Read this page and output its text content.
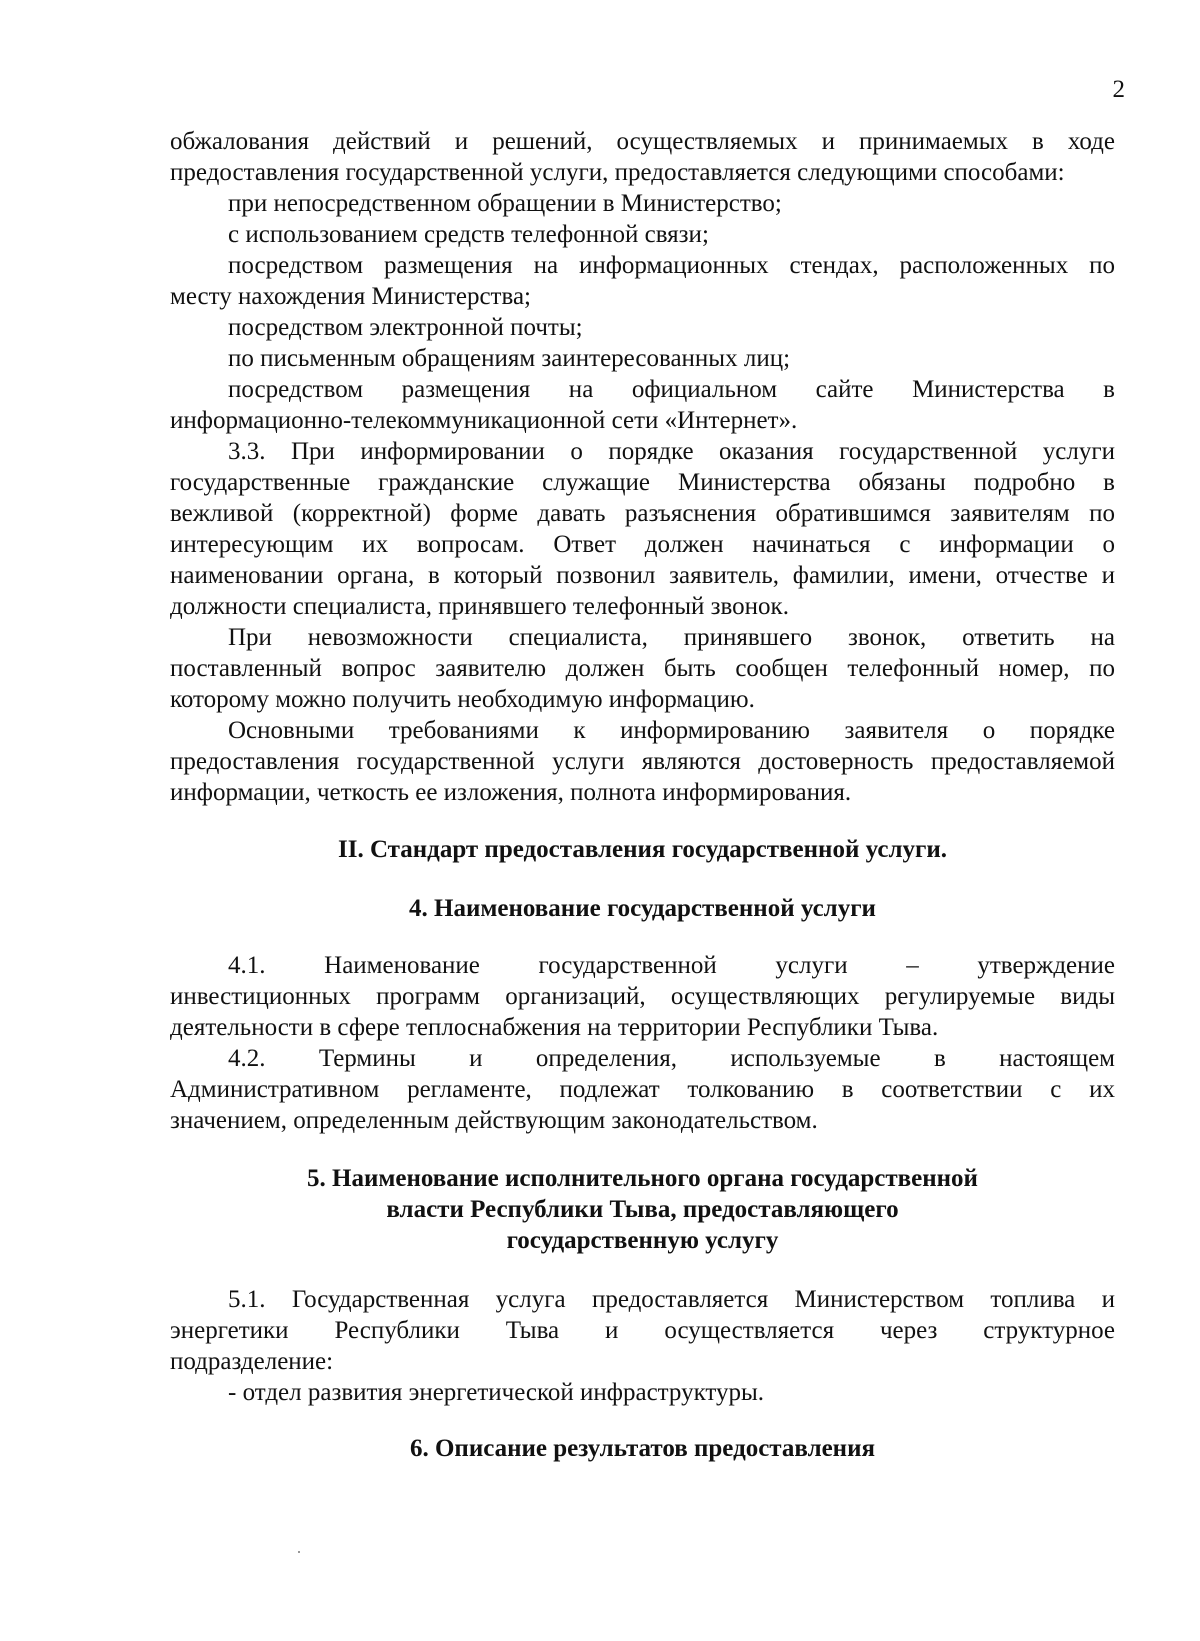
2
обжалования действий и решений, осуществляемых и принимаемых в ходе
предоставления государственной услуги, предоставляется следующими способами:
при непосредственном обращении в Министерство;
с использованием средств телефонной связи;
посредством размещения на информационных стендах, расположенных по
месту нахождения Министерства;
посредством электронной почты;
по письменным обращениям заинтересованных лиц;
посредством размещения на официальном сайте Министерства в
информационно-телекоммуникационной сети «Интернет».
3.3. При информировании о порядке оказания государственной услуги
государственные гражданские служащие Министерства обязаны подробно в
вежливой (корректной) форме давать разъяснения обратившимся заявителям по
интересующим их вопросам. Ответ должен начинаться с информации о
наименовании органа, в который позвонил заявитель, фамилии, имени, отчестве и
должности специалиста, принявшего телефонный звонок.
При невозможности специалиста, принявшего звонок, ответить на
поставленный вопрос заявителю должен быть сообщен телефонный номер, по
которому можно получить необходимую информацию.
Основными требованиями к информированию заявителя о порядке
предоставления государственной услуги являются достоверность предоставляемой
информации, четкость ее изложения, полнота информирования.
II. Стандарт предоставления государственной услуги.
4. Наименование государственной услуги
4.1. Наименование государственной услуги – утверждение
инвестиционных программ организаций, осуществляющих регулируемые виды
деятельности в сфере теплоснабжения на территории Республики Тыва.
4.2. Термины и определения, используемые в настоящем
Административном регламенте, подлежат толкованию в соответствии с их
значением, определенным действующим законодательством.
5. Наименование исполнительного органа государственной
власти Республики Тыва, предоставляющего
государственную услугу
5.1. Государственная услуга предоставляется Министерством топлива и
энергетики Республики Тыва и осуществляется через структурное
подразделение:
- отдел развития энергетической инфраструктуры.
6. Описание результатов предоставления
